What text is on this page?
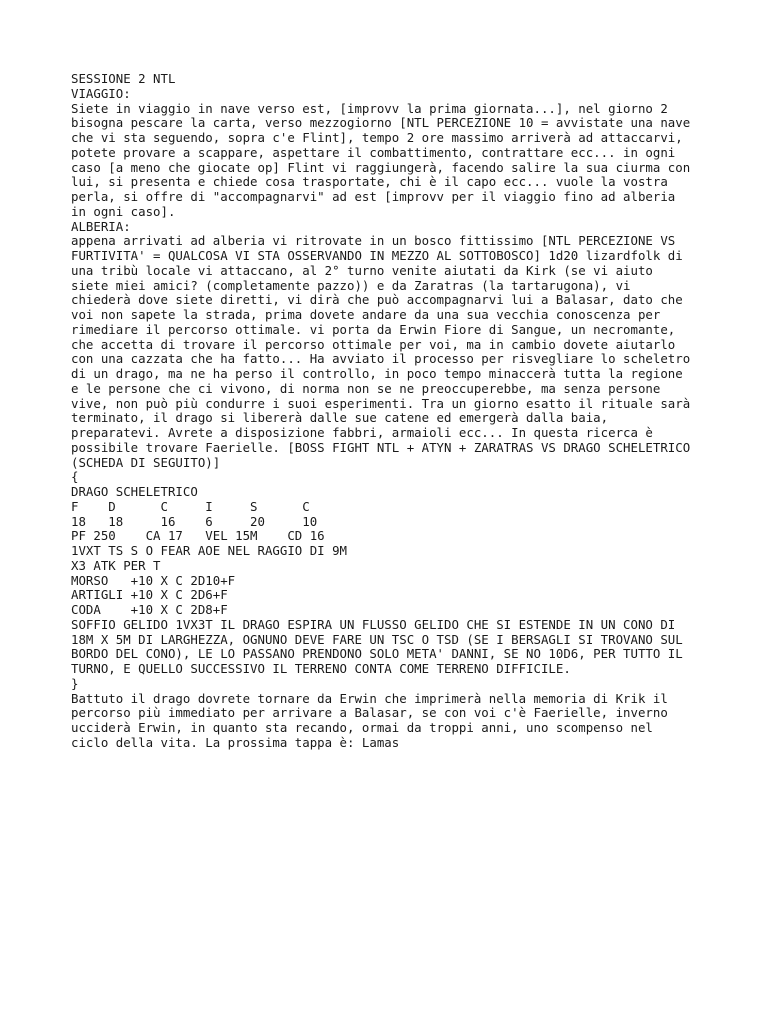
SESSIONE 2 NTL
VIAGGIO:
Siete in viaggio in nave verso est, [improvv la prima giornata...], nel giorno 2
bisogna pescare la carta, verso mezzogiorno [NTL PERCEZIONE 10 = avvistate una nave
che vi sta seguendo, sopra c'e Flint], tempo 2 ore massimo arriverà ad attaccarvi,
potete provare a scappare, aspettare il combattimento, contrattare ecc... in ogni
caso [a meno che giocate op] Flint vi raggiungerà, facendo salire la sua ciurma con
lui, si presenta e chiede cosa trasportate, chi è il capo ecc... vuole la vostra
perla, si offre di "accompagnarvi" ad est [improvv per il viaggio fino ad alberia
in ogni caso].
ALBERIA:
appena arrivati ad alberia vi ritrovate in un bosco fittissimo [NTL PERCEZIONE VS
FURTIVITA' = QUALCOSA VI STA OSSERVANDO IN MEZZO AL SOTTOBOSCO] 1d20 lizardfolk di
una tribù locale vi attaccano, al 2° turno venite aiutati da Kirk (se vi aiuto
siete miei amici? (completamente pazzo)) e da Zaratras (la tartarugona), vi
chiederà dove siete diretti, vi dirà che può accompagnarvi lui a Balasar, dato che
voi non sapete la strada, prima dovete andare da una sua vecchia conoscenza per
rimediare il percorso ottimale. vi porta da Erwin Fiore di Sangue, un necromante,
che accetta di trovare il percorso ottimale per voi, ma in cambio dovete aiutarlo
con una cazzata che ha fatto... Ha avviato il processo per risvegliare lo scheletro
di un drago, ma ne ha perso il controllo, in poco tempo minaccerà tutta la regione
e le persone che ci vivono, di norma non se ne preoccuperebbe, ma senza persone
vive, non può più condurre i suoi esperimenti. Tra un giorno esatto il rituale sarà
terminato, il drago si libererà dalle sue catene ed emergerà dalla baia,
preparatevi. Avrete a disposizione fabbri, armaioli ecc... In questa ricerca è
possibile trovare Faerielle. [BOSS FIGHT NTL + ATYN + ZARATRAS VS DRAGO SCHELETRICO
(SCHEDA DI SEGUITO)]
{
DRAGO SCHELETRICO
F    D      C     I     S      C
18   18     16    6     20     10
PF 250    CA 17   VEL 15M    CD 16
1VXT TS S O FEAR AOE NEL RAGGIO DI 9M
X3 ATK PER T
MORSO   +10 X C 2D10+F
ARTIGLI +10 X C 2D6+F
CODA    +10 X C 2D8+F
SOFFIO GELIDO 1VX3T IL DRAGO ESPIRA UN FLUSSO GELIDO CHE SI ESTENDE IN UN CONO DI
18M X 5M DI LARGHEZZA, OGNUNO DEVE FARE UN TSC O TSD (SE I BERSAGLI SI TROVANO SUL
BORDO DEL CONO), LE LO PASSANO PRENDONO SOLO META' DANNI, SE NO 10D6, PER TUTTO IL
TURNO, E QUELLO SUCCESSIVO IL TERRENO CONTA COME TERRENO DIFFICILE.
}
Battuto il drago dovrete tornare da Erwin che imprimerà nella memoria di Krik il
percorso più immediato per arrivare a Balasar, se con voi c'è Faerielle, inverno
ucciderà Erwin, in quanto sta recando, ormai da troppi anni, uno scompenso nel
ciclo della vita. La prossima tappa è: Lamas
